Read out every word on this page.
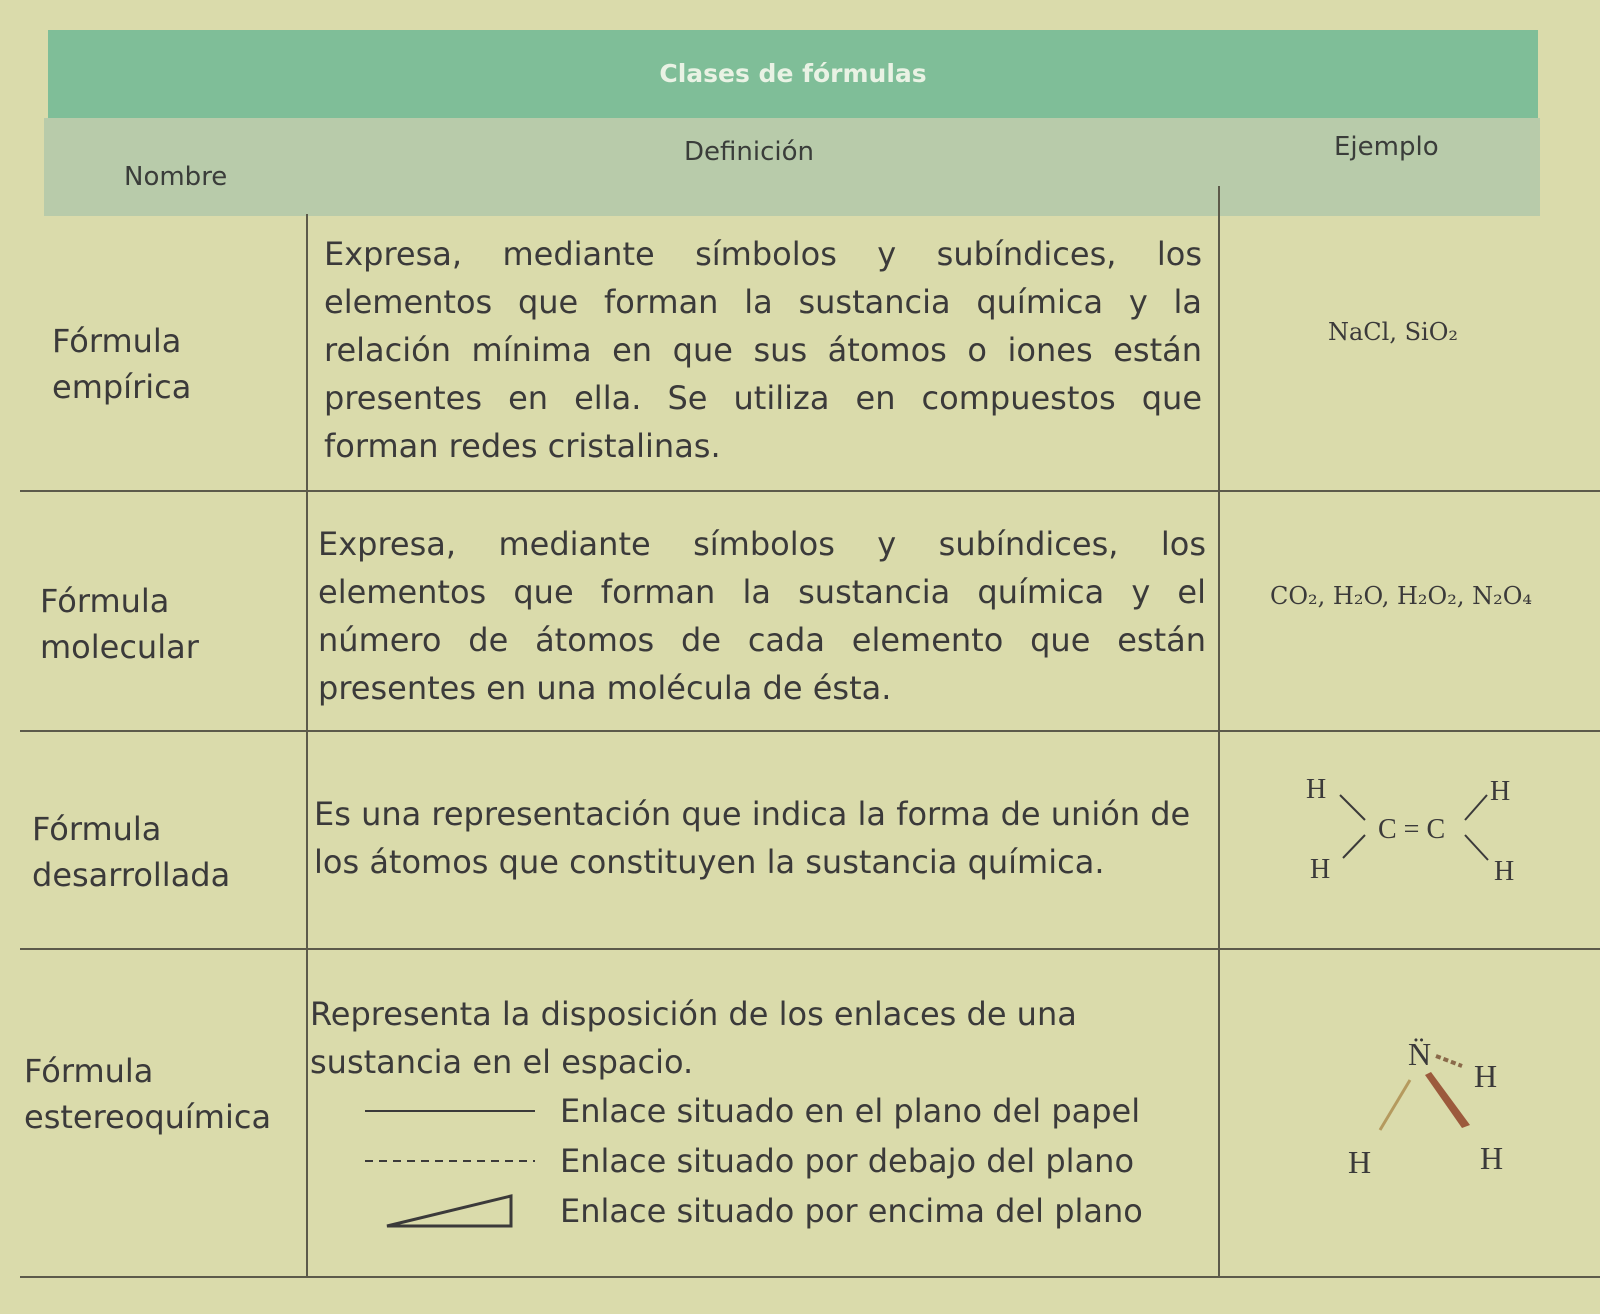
Clases de fórmulas
Nombre
Definición	Ejemplo
Fórmula empírica
Expresa, mediante símbolos y subíndices, los elementos que forman la sustancia química y la relación mínima en que sus átomos o iones están presentes en ella. Se utiliza en compuestos que forman redes cristalinas.
NaCl, SiO₂
Fórmula molecular
Expresa, mediante símbolos y subíndices, los elementos que forman la sustancia química y el número de átomos de cada elemento que están presentes en una molécula de ésta.
CO₂, H₂O, H₂O₂, N₂O₄
Fórmula desarrollada
Es una representación que indica la forma de unión de los átomos que constituyen la sustancia química.
H
H
C = C
H
H
Fórmula estereoquímica
Representa la disposición de los enlaces de una sustancia en el espacio.
Enlace situado en el plano del papel
Enlace situado por debajo del plano
Enlace situado por encima del plano
N̈
H
H	H
